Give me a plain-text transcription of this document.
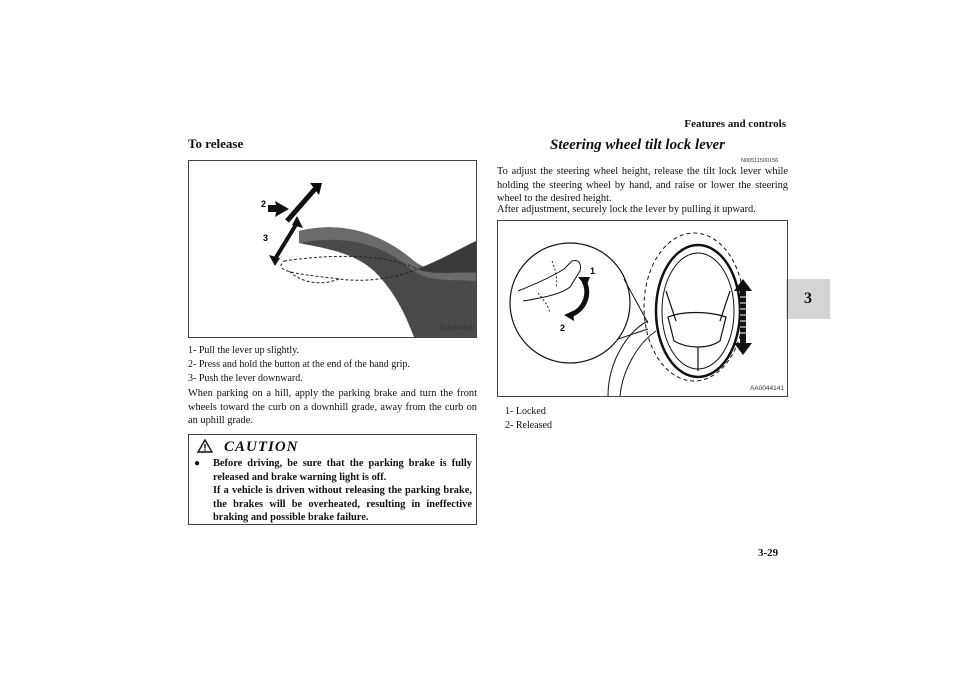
Features and controls
3
To release
1
2
3
TA0004438
1- Pull the lever up slightly.
2- Press and hold the button at the end of the hand grip.
3- Push the lever downward.
When parking on a hill, apply the parking brake and turn the front wheels toward the curb on a downhill grade, away from the curb on an uphill grade.
CAUTION
● Before driving, be sure that the parking brake is fully released and brake warning light is off.
If a vehicle is driven without releasing the parking brake, the brakes will be overheated, resulting in ineffective braking and possible brake failure.
Steering wheel tilt lock lever
N00511500156
To adjust the steering wheel height, release the tilt lock lever while holding the steering wheel by hand, and raise or lower the steering wheel to the desired height.
After adjustment, securely lock the lever by pulling it upward.
1
2
AA0044141
1- Locked
2- Released
3-29
